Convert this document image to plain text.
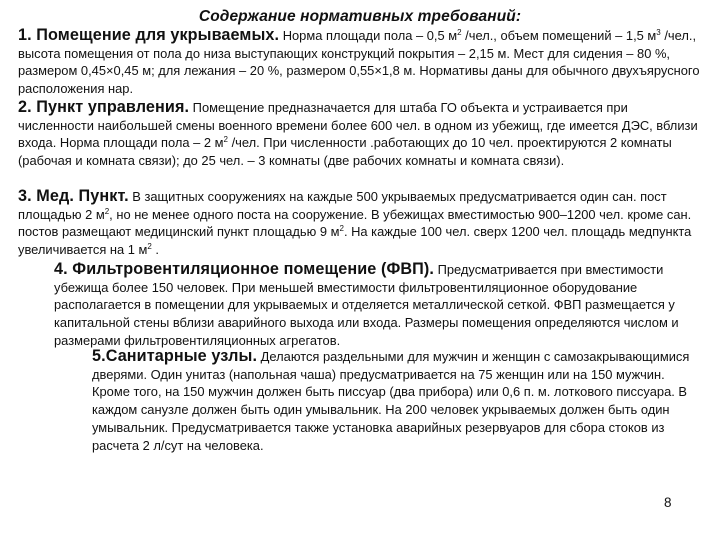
Содержание нормативных требований:
1. Помещение для укрываемых. Норма площади пола – 0,5 $м^2$ /чел., объем помещений – 1,5 $м^3$ /чел., высота помещения от пола до низа выступающих конструкций покрытия – 2,15 м. Мест для сидения – 80 %, размером 0,45×0,45 м; для лежания – 20 %, размером 0,55×1,8 м. Нормативы даны для обычного двухъярусного расположения нар.
2. Пункт управления. Помещение предназначается для штаба ГО объекта и устраивается при численности наибольшей смены военного времени более 600 чел. в одном из убежищ, где имеется ДЭС, вблизи входа. Норма площади пола – 2 $м^2$ /чел. При численности .работающих до 10 чел. проектируются 2 комнаты (рабочая и комната связи); до 25 чел. – 3 комнаты (две рабочих комнаты и комната связи).
3. Мед. Пункт. В защитных сооружениях на каждые 500 укрываемых предусматривается один сан. пост площадью 2 $м^2$, но не менее одного поста на сооружение. В убежищах вместимостью 900–1200 чел. кроме сан. постов размещают медицинский пункт площадью 9 $м^2$. На каждые 100 чел. сверх 1200 чел. площадь медпункта увеличивается на 1 $м^2$ .
4. Фильтровентиляционное помещение (ФВП). Предусматривается при вместимости убежища более 150 человек. При меньшей вместимости фильтровентиляционное оборудование располагается в помещении для укрываемых и отделяется металлической сеткой. ФВП размещается у капитальной стены вблизи аварийного выхода или входа. Размеры помещения определяются числом и размерами фильтровентиляционных агрегатов.
5.Санитарные узлы. Делаются раздельными для мужчин и женщин с самозакрывающимися дверями. Один унитаз (напольная чаша) предусматривается на 75 женщин или на 150 мужчин. Кроме того, на 150 мужчин должен быть писсуар (два прибора) или 0,6 п. м. лоткового писсуара. В каждом санузле должен быть один умывальник. На 200 человек укрываемых должен быть один умывальник. Предусматривается также установка аварийных резервуаров для сбора стоков из расчета 2 л/сут на человека.
8
